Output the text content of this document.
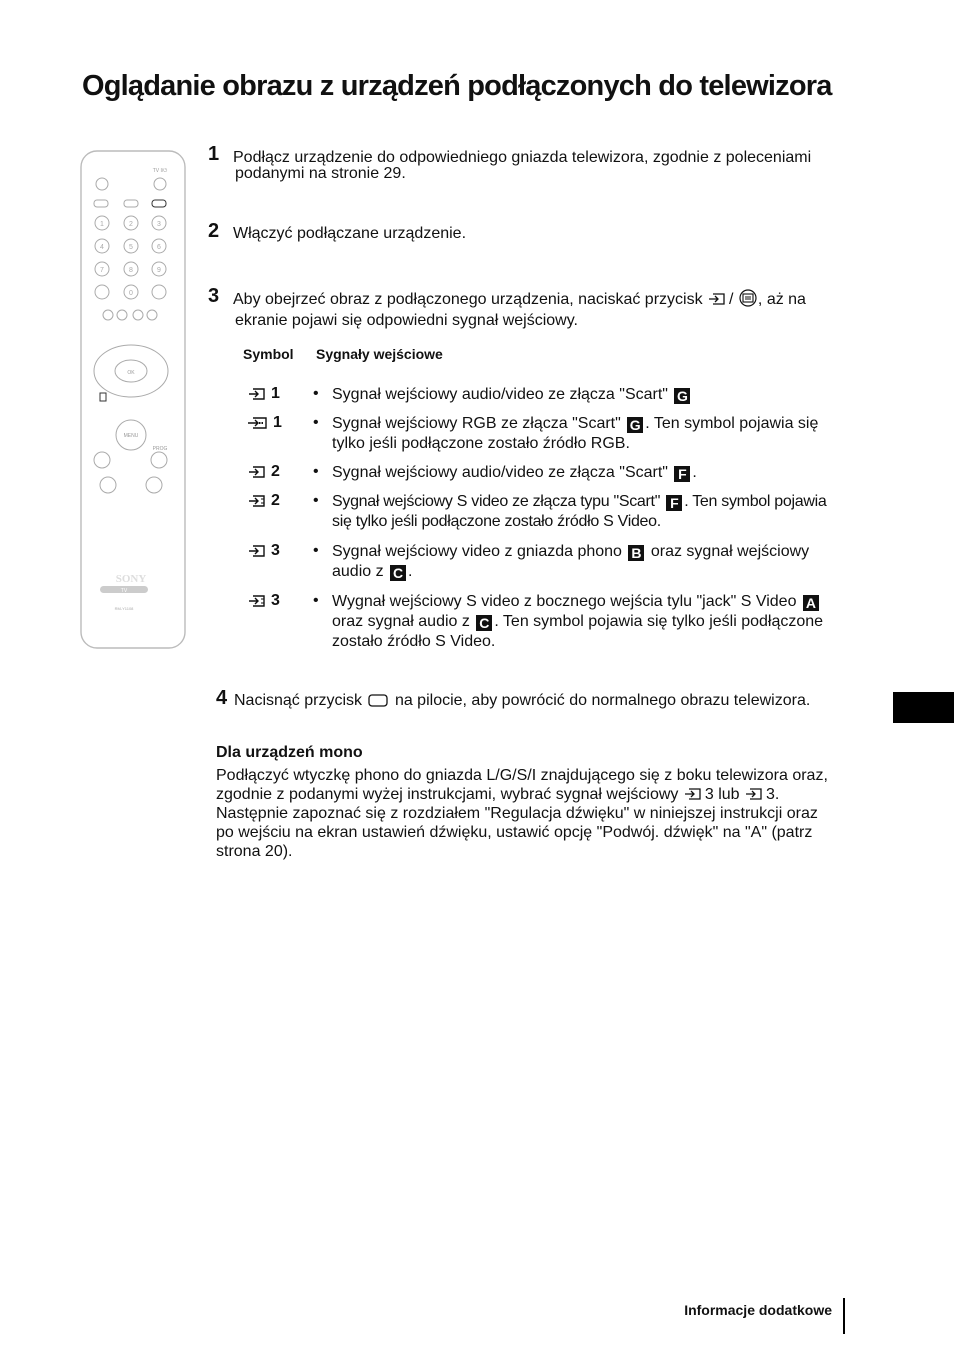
Oglądanie obrazu z urządzeń podłączonych do telewizora
OK
MENU
PROG
TV I/⏻
SONY
TV
RM-Y1108
1	2	3
4	5	6
7	8	9
0
1 Podłącz urządzenie do odpowiedniego gniazda telewizora, zgodnie z poleceniami
podanymi na stronie 29.
2 Włączyć podłączane urządzenie.
3 Aby obejrzeć obraz z podłączonego urządzenia, naciskać przycisk / , aż na
ekranie pojawi się odpowiedni sygnał wejściowy.
Symbol Sygnały wejściowe
1 • Sygnał wejściowy audio/video ze złącza "Scart" G
1 • Sygnał wejściowy RGB ze złącza "Scart" G . Ten symbol pojawia się
tylko jeśli podłączone zostało źródło RGB.
2 • Sygnał wejściowy audio/video ze złącza "Scart" F .
2 • Sygnał wejściowy S video ze złącza typu "Scart" F . Ten symbol pojawia
się tylko jeśli podłączone zostało źródło S Video.
3 • Sygnał wejściowy video z gniazda phono B oraz sygnał wejściowy
audio z C .
3 • Wygnał wejściowy S video z bocznego wejścia tylu "jack" S Video A
oraz sygnał audio z C . Ten symbol pojawia się tylko jeśli podłączone
zostało źródło S Video.
4 Nacisnąć przycisk na pilocie, aby powrócić do normalnego obrazu telewizora.
Dla urządzeń mono
Podłączyć wtyczkę phono do gniazda L/G/S/I znajdującego się z boku telewizora oraz,
zgodnie z podanymi wyżej instrukcjami, wybrać sygnał wejściowy 3 lub 3.
Następnie zapoznać się z rozdziałem "Regulacja dźwięku" w niniejszej instrukcji oraz
po wejściu na ekran ustawień dźwięku, ustawić opcję "Podwój. dźwięk" na "A" (patrz
strona 20).
Informacje dodatkowe
